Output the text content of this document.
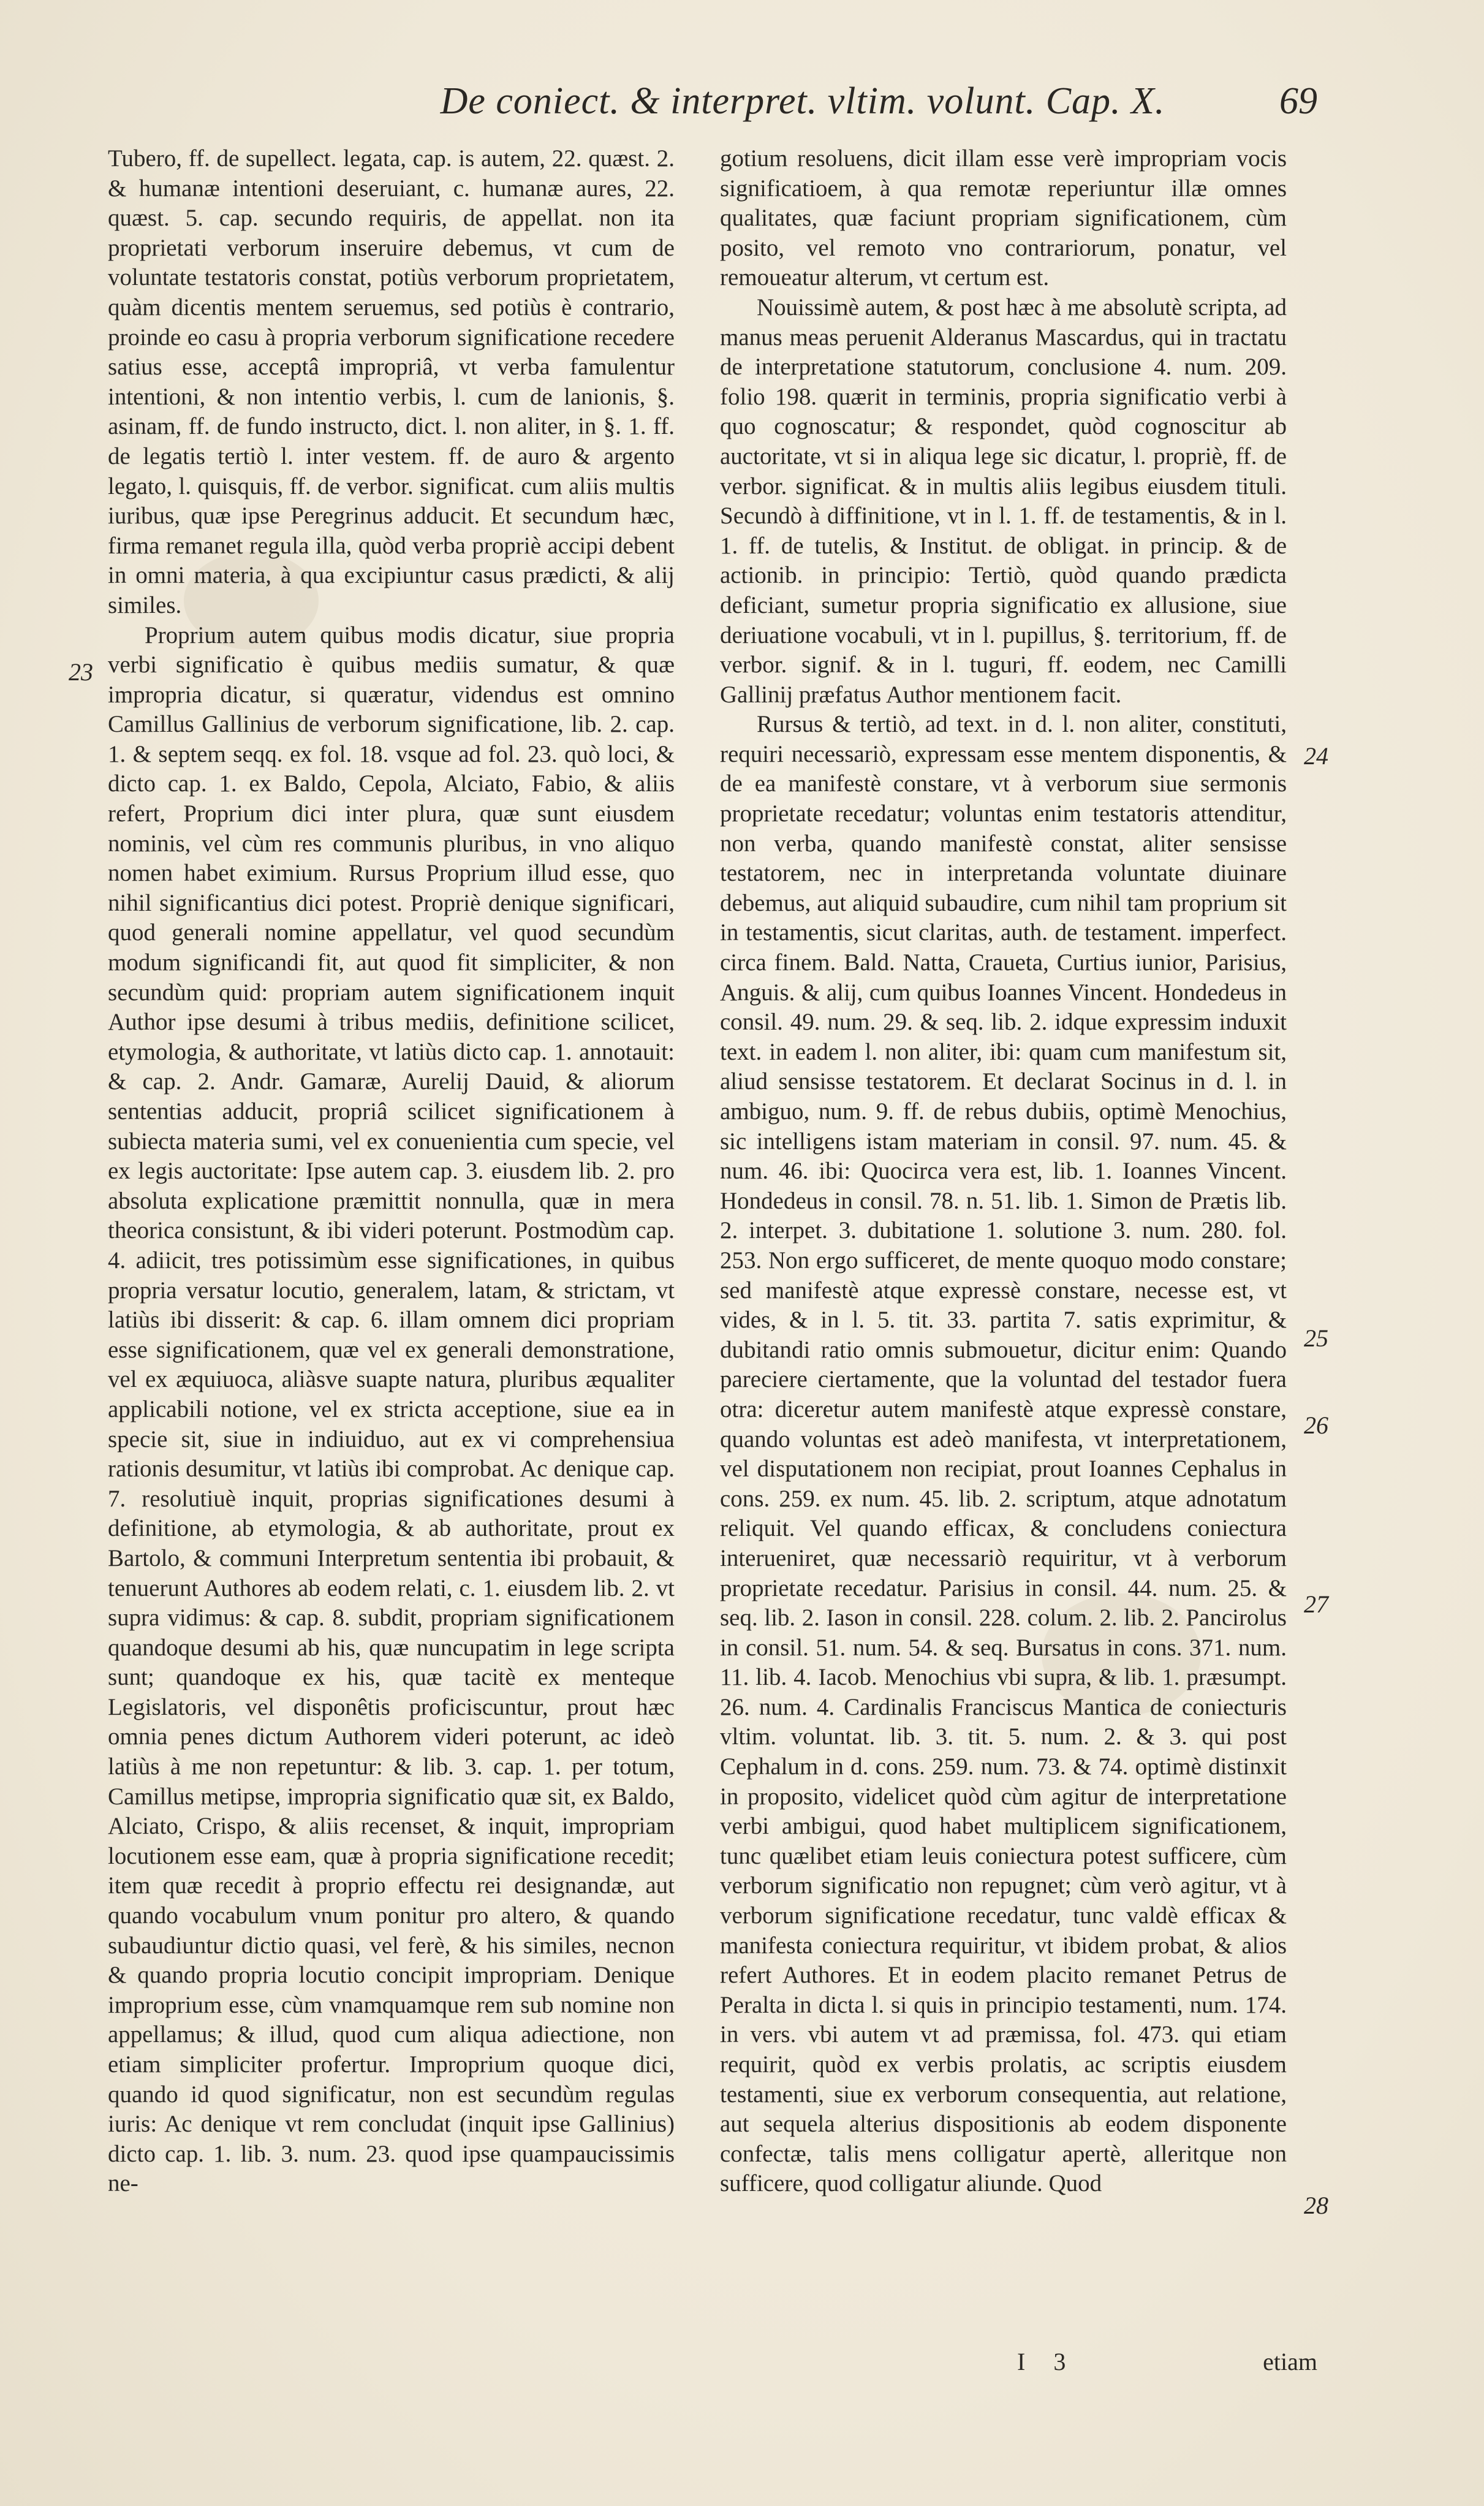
De coniect. & interpret. vltim. volunt. Cap. X.	69

Tubero, ff. de supellect. legata, cap. is autem, 22. quæst. 2. & humanæ intentioni deseruiant, c. humanæ aures, 22. quæst. 5. cap. secundo requiris, de appellat. non ita proprietati verborum inseruire debemus, vt cum de voluntate testatoris constat, potiùs verborum proprietatem, quàm dicentis mentem seruemus, sed potiùs è contrario, proinde eo casu à propria verborum significatione recedere satius esse, acceptâ impropriâ, vt verba famulentur intentioni, & non intentio verbis, l. cum de lanionis, §. asinam, ff. de fundo instructo, dict. l. non aliter, in §. 1. ff. de legatis tertiò l. inter vestem. ff. de auro & argento legato, l. quisquis, ff. de verbor. significat. cum aliis multis iuribus, quæ ipse Peregrinus adducit. Et secundum hæc, firma remanet regula illa, quòd verba propriè accipi debent in omni materia, à qua excipiuntur casus prædicti, & alij similes.

Proprium autem quibus modis dicatur, siue propria verbi significatio è quibus mediis sumatur, & quæ impropria dicatur, si quæratur, videndus est omnino Camillus Gallinius de verborum significatione, lib. 2. cap. 1. & septem seqq. ex fol. 18. vsque ad fol. 23. quò loci, & dicto cap. 1. ex Baldo, Cepola, Alciato, Fabio, & aliis refert, Proprium dici inter plura, quæ sunt eiusdem nominis, vel cùm res communis pluribus, in vno aliquo nomen habet eximium. Rursus Proprium illud esse, quo nihil significantius dici potest. Propriè denique significari, quod generali nomine appellatur, vel quod secundùm modum significandi fit, aut quod fit simpliciter, & non secundùm quid: propriam autem significationem inquit Author ipse desumi à tribus mediis, definitione scilicet, etymologia, & authoritate, vt latiùs dicto cap. 1. annotauit: & cap. 2. Andr. Gamaræ, Aurelij Dauid, & aliorum sententias adducit, propriâ scilicet significationem à subiecta materia sumi, vel ex conuenientia cum specie, vel ex legis auctoritate: Ipse autem cap. 3. eiusdem lib. 2. pro absoluta explicatione præmittit nonnulla, quæ in mera theorica consistunt, & ibi videri poterunt. Postmodùm cap. 4. adiicit, tres potissimùm esse significationes, in quibus propria versatur locutio, generalem, latam, & strictam, vt latiùs ibi disserit: & cap. 6. illam omnem dici propriam esse significationem, quæ vel ex generali demonstratione, vel ex æquiuoca, aliàsve suapte natura, pluribus æqualiter applicabili notione, vel ex stricta acceptione, siue ea in specie sit, siue in indiuiduo, aut ex vi comprehensiua rationis desumitur, vt latiùs ibi comprobat. Ac denique cap. 7. resolutiuè inquit, proprias significationes desumi à definitione, ab etymologia, & ab authoritate, prout ex Bartolo, & communi Interpretum sententia ibi probauit, & tenuerunt Authores ab eodem relati, c. 1. eiusdem lib. 2. vt supra vidimus: & cap. 8. subdit, propriam significationem quandoque desumi ab his, quæ nuncupatim in lege scripta sunt; quandoque ex his, quæ tacitè ex menteque Legislatoris, vel disponêtis proficiscuntur, prout hæc omnia penes dictum Authorem videri poterunt, ac ideò latiùs à me non repetuntur: & lib. 3. cap. 1. per totum, Camillus metipse, impropria significatio quæ sit, ex Baldo, Alciato, Crispo, & aliis recenset, & inquit, impropriam locutionem esse eam, quæ à propria significatione recedit; item quæ recedit à proprio effectu rei designandæ, aut quando vocabulum vnum ponitur pro altero, & quando subaudiuntur dictio quasi, vel ferè, & his similes, necnon & quando propria locutio concipit impropriam. Denique improprium esse, cùm vnamquamque rem sub nomine non appellamus; & illud, quod cum aliqua adiectione, non etiam simpliciter profertur. Improprium quoque dici, quando id quod significatur, non est secundùm regulas iuris: Ac denique vt rem concludat (inquit ipse Gallinius) dicto cap. 1. lib. 3. num. 23. quod ipse quampaucissimis ne-

23

gotium resoluens, dicit illam esse verè impropriam vocis significatioem, à qua remotæ reperiuntur illæ omnes qualitates, quæ faciunt propriam significationem, cùm posito, vel remoto vno contrariorum, ponatur, vel remoueatur alterum, vt certum est.

Nouissimè autem, & post hæc à me absolutè scripta, ad manus meas peruenit Alderanus Mascardus, qui in tractatu de interpretatione statutorum, conclusione 4. num. 209. folio 198. quærit in terminis, propria significatio verbi à quo cognoscatur; & respondet, quòd cognoscitur ab auctoritate, vt si in aliqua lege sic dicatur, l. propriè, ff. de verbor. significat. & in multis aliis legibus eiusdem tituli. Secundò à diffinitione, vt in l. 1. ff. de testamentis, & in l. 1. ff. de tutelis, & Institut. de obligat. in princip. & de actionib. in principio: Tertiò, quòd quando prædicta deficiant, sumetur propria significatio ex allusione, siue deriuatione vocabuli, vt in l. pupillus, §. territorium, ff. de verbor. signif. & in l. tuguri, ff. eodem, nec Camilli Gallinij præfatus Author mentionem facit.

Rursus & tertiò, ad text. in d. l. non aliter, constituti, requiri necessariò, expressam esse mentem disponentis, & de ea manifestè constare, vt à verborum siue sermonis proprietate recedatur; voluntas enim testatoris attenditur, non verba, quando manifestè constat, aliter sensisse testatorem, nec in interpretanda voluntate diuinare debemus, aut aliquid subaudire, cum nihil tam proprium sit in testamentis, sicut claritas, auth. de testament. imperfect. circa finem. Bald. Natta, Craueta, Curtius iunior, Parisius, Anguis. & alij, cum quibus Ioannes Vincent. Hondedeus in consil. 49. num. 29. & seq. lib. 2. idque expressim induxit text. in eadem l. non aliter, ibi: quam cum manifestum sit, aliud sensisse testatorem. Et declarat Socinus in d. l. in ambiguo, num. 9. ff. de rebus dubiis, optimè Menochius, sic intelligens istam materiam in consil. 97. num. 45. & num. 46. ibi: Quocirca vera est, lib. 1. Ioannes Vincent. Hondedeus in consil. 78. n. 51. lib. 1. Simon de Prætis lib. 2. interpet. 3. dubitatione 1. solutione 3. num. 280. fol. 253. Non ergo sufficeret, de mente quoquo modo constare; sed manifestè atque expressè constare, necesse est, vt vides, & in l. 5. tit. 33. partita 7. satis exprimitur, & dubitandi ratio omnis submouetur, dicitur enim: Quando pareciere ciertamente, que la voluntad del testador fuera otra: diceretur autem manifestè atque expressè constare, quando voluntas est adeò manifesta, vt interpretationem, vel disputationem non recipiat, prout Ioannes Cephalus in cons. 259. ex num. 45. lib. 2. scriptum, atque adnotatum reliquit. Vel quando efficax, & concludens coniectura interueniret, quæ necessariò requiritur, vt à verborum proprietate recedatur. Parisius in consil. 44. num. 25. & seq. lib. 2. Iason in consil. 228. colum. 2. lib. 2. Pancirolus in consil. 51. num. 54. & seq. Bursatus in cons. 371. num. 11. lib. 4. Iacob. Menochius vbi supra, & lib. 1. præsumpt. 26. num. 4. Cardinalis Franciscus Mantica de coniecturis vltim. voluntat. lib. 3. tit. 5. num. 2. & 3. qui post Cephalum in d. cons. 259. num. 73. & 74. optimè distinxit in proposito, videlicet quòd cùm agitur de interpretatione verbi ambigui, quod habet multiplicem significationem, tunc quælibet etiam leuis coniectura potest sufficere, cùm verborum significatio non repugnet; cùm verò agitur, vt à verborum significatione recedatur, tunc valdè efficax & manifesta coniectura requiritur, vt ibidem probat, & alios refert Authores. Et in eodem placito remanet Petrus de Peralta in dicta l. si quis in principio testamenti, num. 174. in vers. vbi autem vt ad præmissa, fol. 473. qui etiam requirit, quòd ex verbis prolatis, ac scriptis eiusdem testamenti, siue ex verborum consequentia, aut relatione, aut sequela alterius dispositionis ab eodem disponente confectæ, talis mens colligatur apertè, alleritque non sufficere, quod colligatur aliunde. Quod

24
25
26
27
28
I 3	etiam
